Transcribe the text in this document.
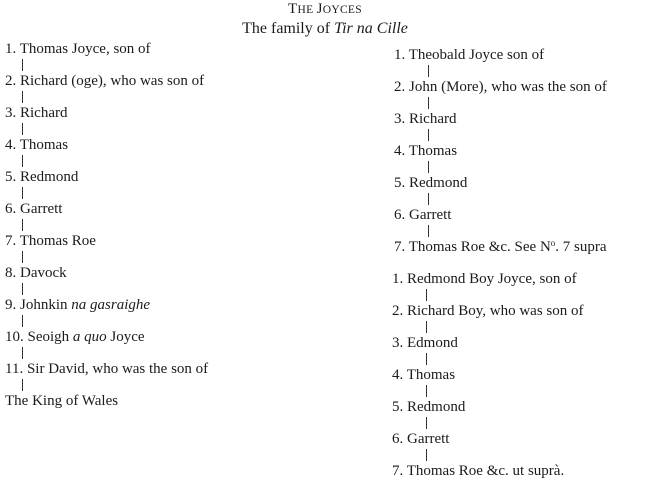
THE JOYCES
The family of Tir na Cille
1. Thomas Joyce, son of
2. Richard (oge), who was son of
3. Richard
4. Thomas
5. Redmond
6. Garrett
7. Thomas Roe
8. Davock
9. Johnkin na gasraighe
10. Seoigh a quo Joyce
11. Sir David, who was the son of
The King of Wales
1. Theobald Joyce son of
2. John (More), who was the son of
3. Richard
4. Thomas
5. Redmond
6. Garrett
7. Thomas Roe &c. See $N^o$. 7 supra
1. Redmond Boy Joyce, son of
2. Richard Boy, who was son of
3. Edmond
4. Thomas
5. Redmond
6. Garrett
7. Thomas Roe &c. ut suprà.
